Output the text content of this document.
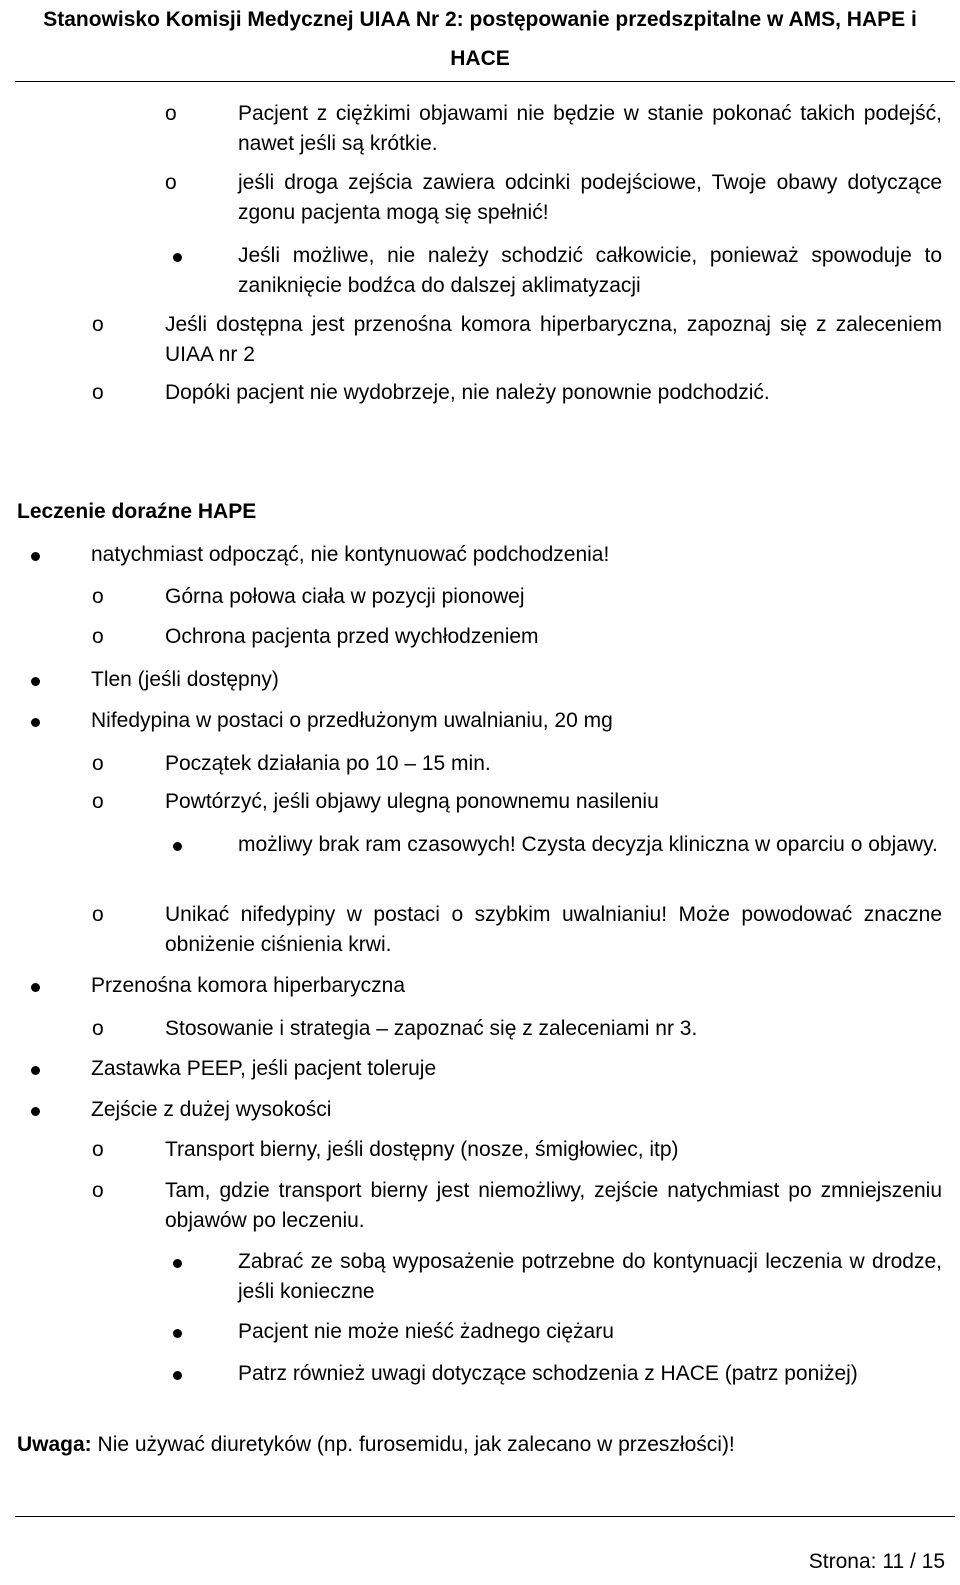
Stanowisko Komisji Medycznej UIAA Nr 2: postępowanie przedszpitalne w AMS, HAPE i
HACE
o	Pacjent z ciężkimi objawami nie będzie w stanie pokonać takich podejść, nawet jeśli są krótkie.
o	jeśli droga zejścia zawiera odcinki podejściowe, Twoje obawy dotyczące zgonu pacjenta mogą się spełnić!
Jeśli możliwe, nie należy schodzić całkowicie, ponieważ spowoduje to zaniknięcie bodźca do dalszej aklimatyzacji
o	Jeśli dostępna jest przenośna komora hiperbaryczna, zapoznaj się z zaleceniem UIAA nr 2
o	Dopóki pacjent nie wydobrzeje, nie należy ponownie podchodzić.
Leczenie doraźne HAPE
natychmiast odpocząć, nie kontynuować podchodzenia!
o	Górna połowa ciała w pozycji pionowej
o	Ochrona pacjenta przed wychłodzeniem
Tlen (jeśli dostępny)
Nifedypina w postaci o przedłużonym uwalnianiu, 20 mg
o	Początek działania po 10 – 15 min.
o	Powtórzyć, jeśli objawy ulegną ponownemu nasileniu
możliwy brak ram czasowych! Czysta decyzja kliniczna w oparciu o objawy.
o	Unikać nifedypiny w postaci o szybkim uwalnianiu! Może powodować znaczne obniżenie ciśnienia krwi.
Przenośna komora hiperbaryczna
o	Stosowanie i strategia – zapoznać się z zaleceniami nr 3.
Zastawka PEEP, jeśli pacjent toleruje
Zejście z dużej wysokości
o	Transport bierny, jeśli dostępny (nosze, śmigłowiec, itp)
o	Tam, gdzie transport bierny jest niemożliwy, zejście natychmiast po zmniejszeniu objawów po leczeniu.
Zabrać ze sobą wyposażenie potrzebne do kontynuacji leczenia w drodze, jeśli konieczne
Pacjent nie może nieść żadnego ciężaru
Patrz również uwagi dotyczące schodzenia z HACE (patrz poniżej)
Uwaga: Nie używać diuretyków (np. furosemidu, jak zalecano w przeszłości)!
Strona: 11 / 15
